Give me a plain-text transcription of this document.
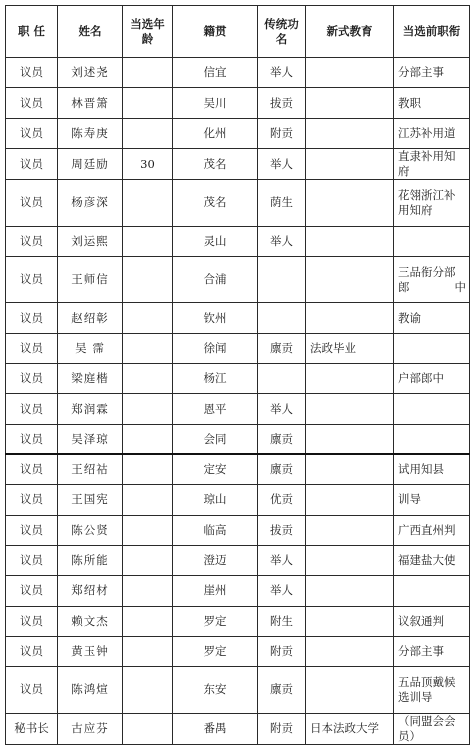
职 任	姓名	当选年龄	籍贯	传统功名	新式教育	当选前职衔
议员	刘述尧		信宜	举人		分部主事
议员	林晋箫		吴川	拔贡		教职
议员	陈寿庚		化州	附贡		江苏补用道
议员	周廷励	30	茂名	举人		直隶补用知府
议员	杨彦深		茂名	荫生		花翎浙江补用知府
议员	刘运熙		灵山	举人		
议员	王师信		合浦			三品衔分部郎中
议员	赵绍彰		钦州			教谕
议员	吴 霈		徐闻	廪贡	法政毕业	
议员	梁庭楷		杨江			户部郎中
议员	郑润霖		恩平	举人		
议员	吴泽琼		会同	廪贡		
议员	王绍祜		定安	廪贡		试用知县
议员	王国宪		琼山	优贡		训导
议员	陈公贤		临高	拔贡		广西直州判
议员	陈所能		澄迈	举人		福建盐大使
议员	郑绍材		崖州	举人		
议员	赖文杰		罗定	附生		议叙通判
议员	黄玉钟		罗定	附贡		分部主事
议员	陈鸿煊		东安	廪贡		五品顶戴候选训导
秘书长	古应芬		番禺	附贡	日本法政大学	（同盟会会员）
